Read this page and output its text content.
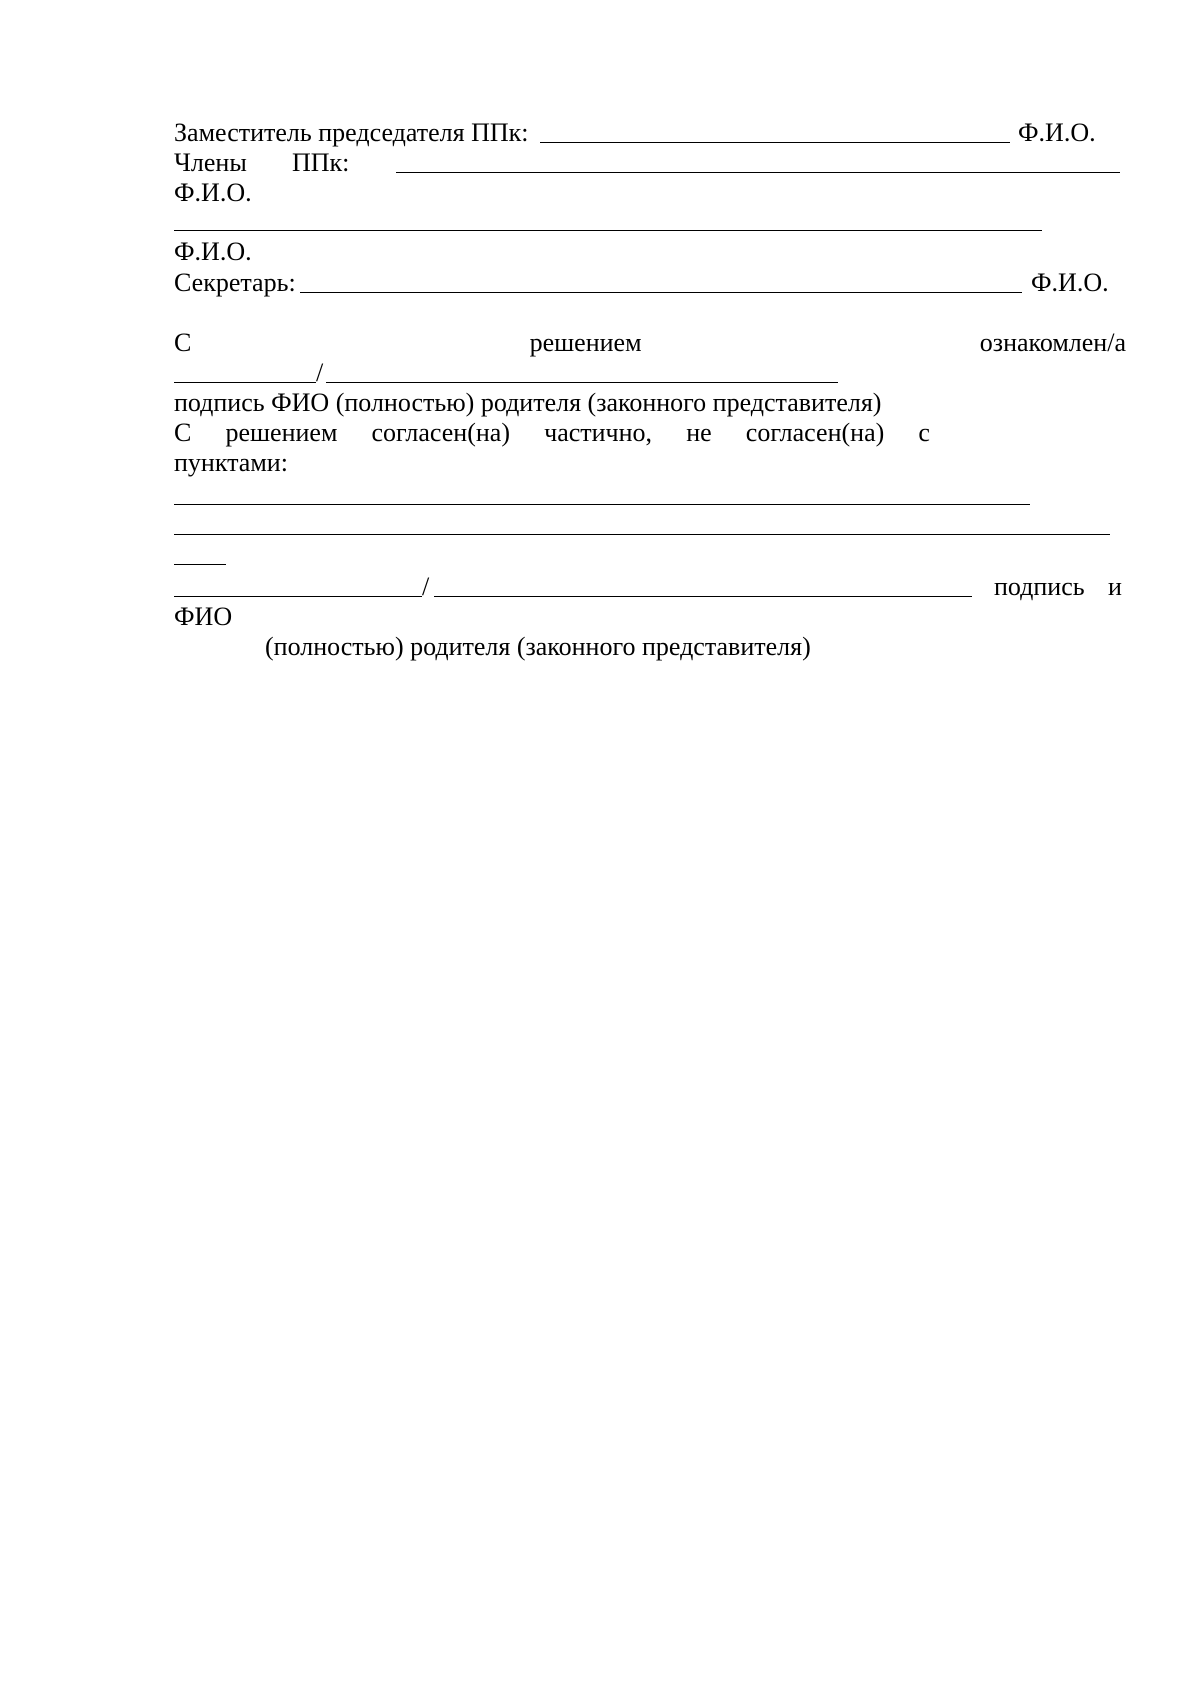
Заместитель председателя ППк:	Ф.И.О.
Члены ППк:
Ф.И.О.
Ф.И.О.
Секретарь:	Ф.И.О.
С	решением	ознакомлен/а
/
подпись ФИО (полностью) родителя (законного представителя)
С решением согласен(на) частично, не согласен(на) с
пунктами:
/	подпись и
ФИО
(полностью) родителя (законного представителя)
